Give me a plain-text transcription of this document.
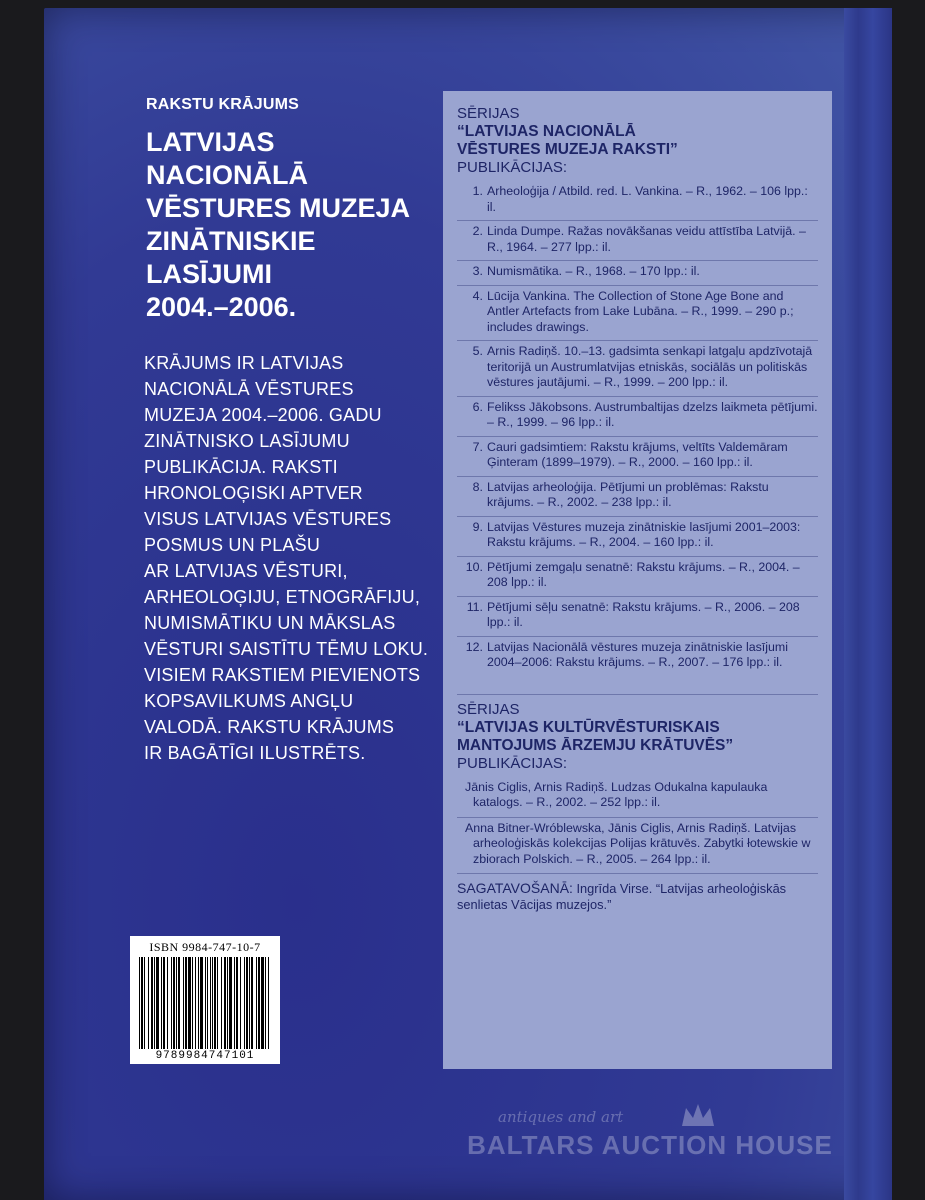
RAKSTU KRĀJUMS
LATVIJAS
NACIONĀLĀ
VĒSTURES MUZEJA
ZINĀTNISKIE
LASĪJUMI
2004.–2006.
KRĀJUMS IR LATVIJAS
NACIONĀLĀ VĒSTURES
MUZEJA 2004.–2006. GADU
ZINĀTNISKO LASĪJUMU
PUBLIKĀCIJA. RAKSTI
HRONOLOĢISKI APTVER
VISUS LATVIJAS VĒSTURES
POSMUS UN PLAŠU
AR LATVIJAS VĒSTURI,
ARHEOLOĢIJU, ETNOGRĀFIJU,
NUMISMĀTIKU UN MĀKSLAS
VĒSTURI SAISTĪTU TĒMU LOKU.
VISIEM RAKSTIEM PIEVIENOTS
KOPSAVILKUMS ANGĻU
VALODĀ. RAKSTU KRĀJUMS
IR BAGĀTĪGI ILUSTRĒTS.
SĒRIJAS
“LATVIJAS NACIONĀLĀ
VĒSTURES MUZEJA RAKSTI”
PUBLIKĀCIJAS:
1. Arheoloģija / Atbild. red. L. Vankina. – R., 1962. – 106 lpp.: il.
2. Linda Dumpe. Ražas novākšanas veidu attīstība Latvijā. – R., 1964. – 277 lpp.: il.
3. Numismātika. – R., 1968. – 170 lpp.: il.
4. Lūcija Vankina. The Collection of Stone Age Bone and Antler Artefacts from Lake Lubāna. – R., 1999. – 290 p.; includes drawings.
5. Arnis Radiņš. 10.–13. gadsimta senkapi latgaļu apdzīvotajā teritorijā un Austrumlatvijas etniskās, sociālās un politiskās vēstures jautājumi. – R., 1999. – 200 lpp.: il.
6. Felikss Jākobsons. Austrumbaltijas dzelzs laikmeta pētījumi. – R., 1999. – 96 lpp.: il.
7. Cauri gadsimtiem: Rakstu krājums, veltīts Valdemāram Ģinteram (1899–1979). – R., 2000. – 160 lpp.: il.
8. Latvijas arheoloģija. Pētījumi un problēmas: Rakstu krājums. – R., 2002. – 238 lpp.: il.
9. Latvijas Vēstures muzeja zinātniskie lasījumi 2001–2003: Rakstu krājums. – R., 2004. – 160 lpp.: il.
10. Pētījumi zemgaļu senatnē: Rakstu krājums. – R., 2004. – 208 lpp.: il.
11. Pētījumi sēļu senatnē: Rakstu krājums. – R., 2006. – 208 lpp.: il.
12. Latvijas Nacionālā vēstures muzeja zinātniskie lasījumi 2004–2006: Rakstu krājums. – R., 2007. – 176 lpp.: il.
SĒRIJAS
“LATVIJAS KULTŪRVĒSTURISKAIS
MANTOJUMS ĀRZEMJU KRĀTUVĒS”
PUBLIKĀCIJAS:
Jānis Ciglis, Arnis Radiņš. Ludzas Odukalna kapulauka katalogs. – R., 2002. – 252 lpp.: il.
Anna Bitner-Wróblewska, Jānis Ciglis, Arnis Radiņš. Latvijas arheoloģiskās kolekcijas Polijas krātuvēs. Zabytki łotewskie w zbiorach Polskich. – R., 2005. – 264 lpp.: il.
SAGATAVOŠANĀ: Ingrīda Virse. “Latvijas arheoloģiskās senlietas Vācijas muzejos.”
ISBN 9984-747-10-7
9789984747101
antiques and art
BALTARS AUCTION HOUSE
